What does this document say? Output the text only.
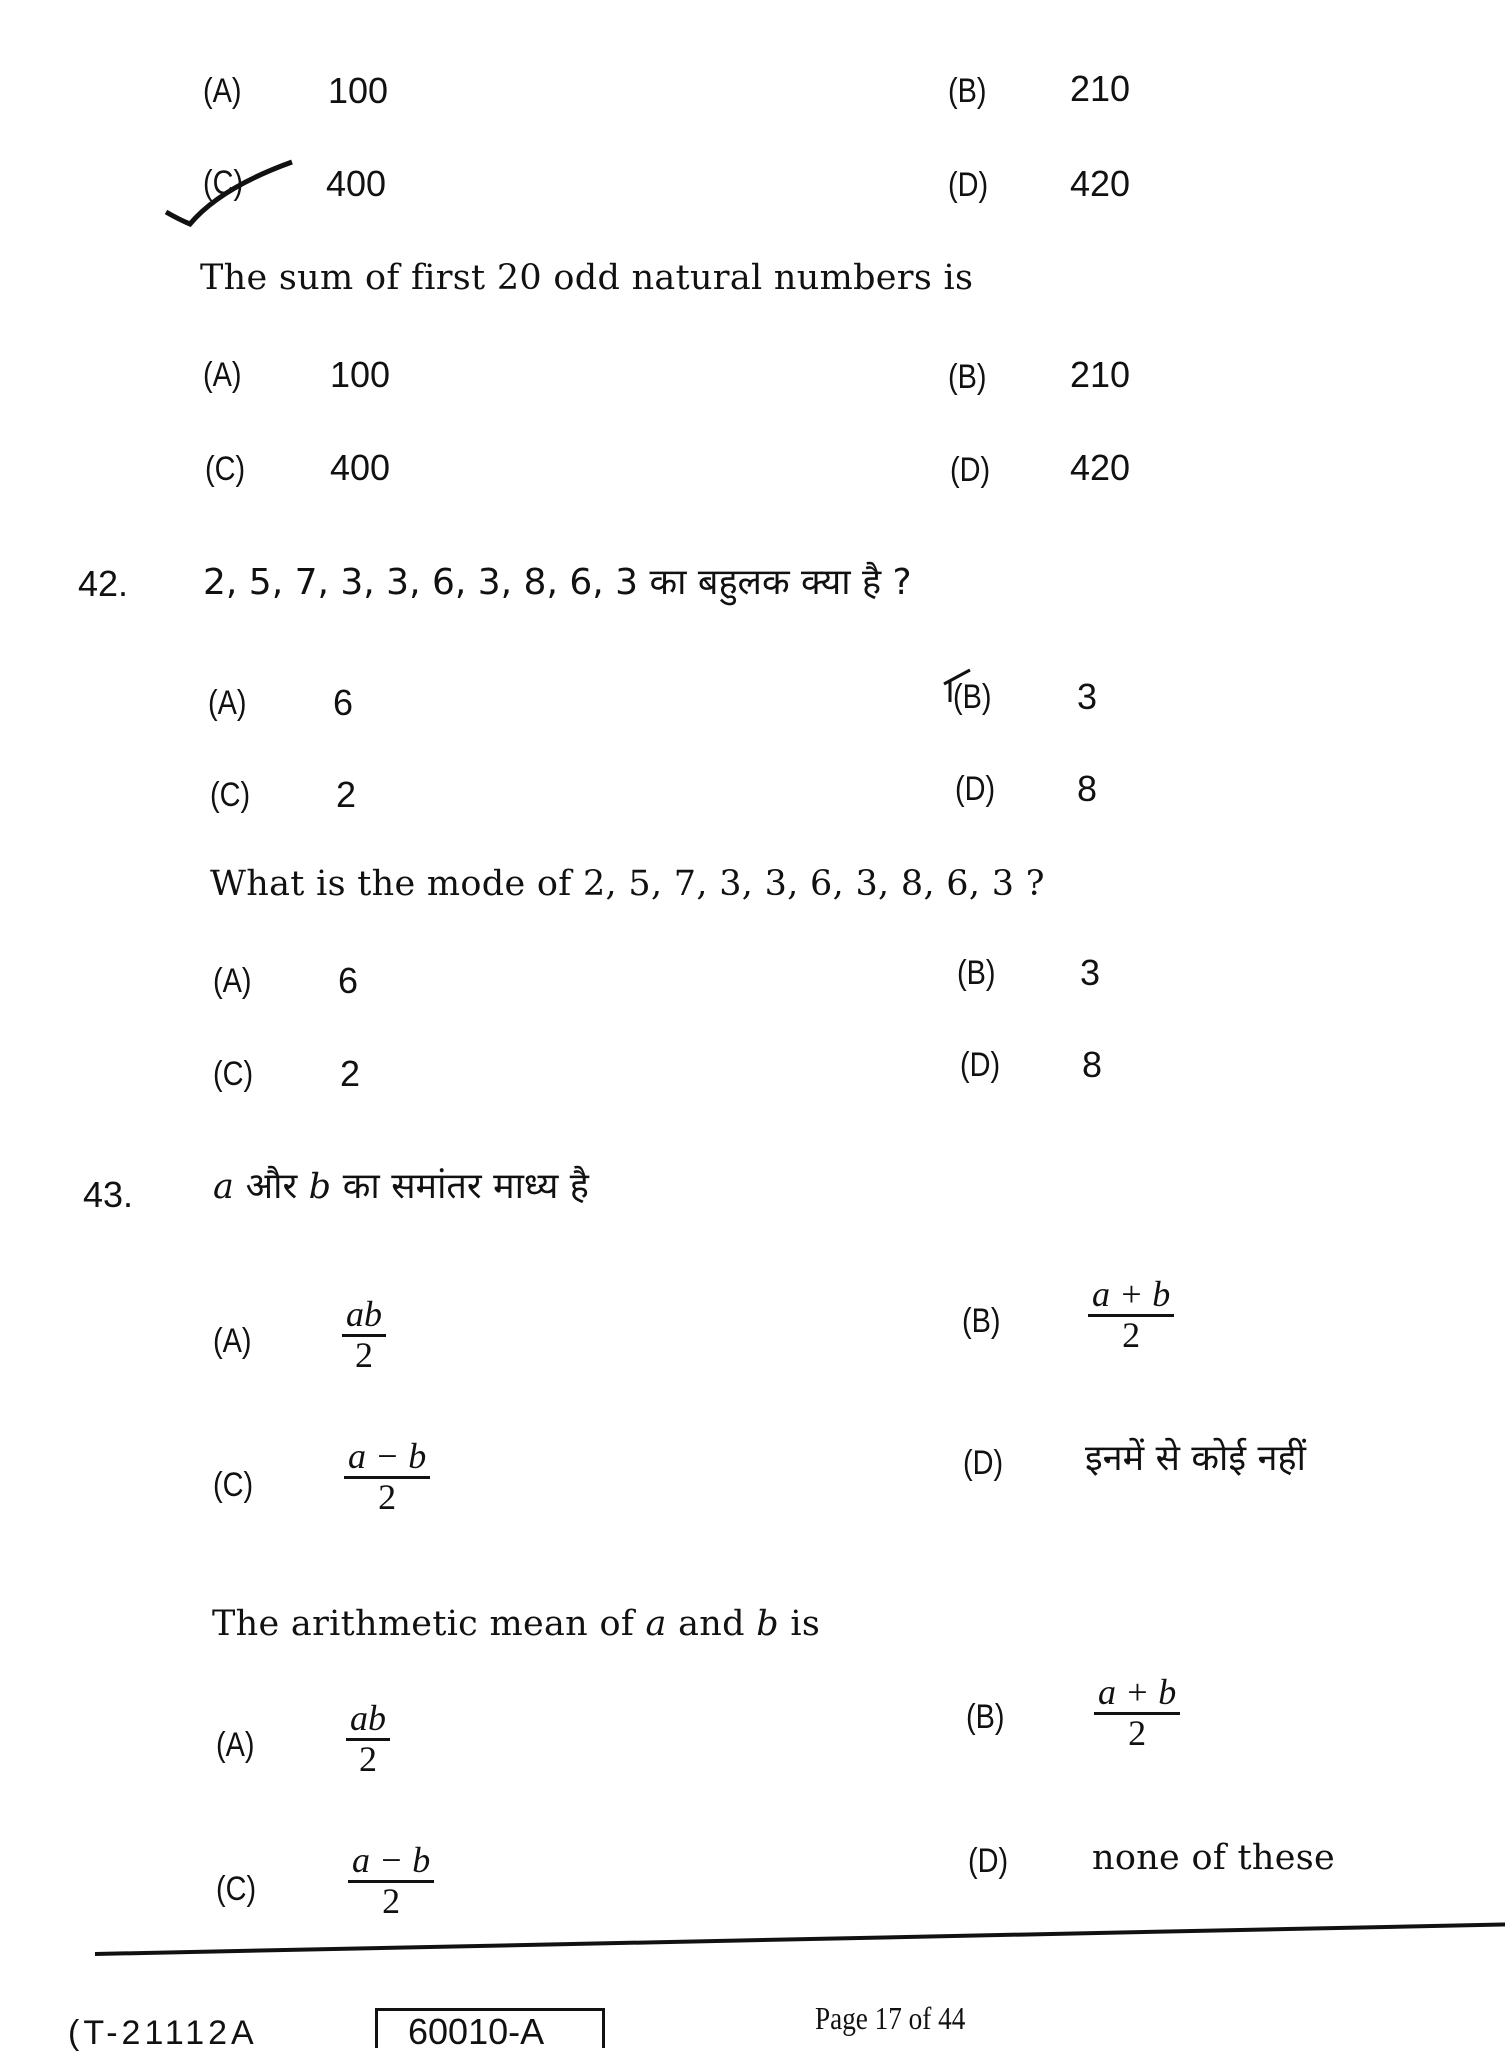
(A) 100	(B) 210
(C) 400	(D) 420
The sum of first 20 odd natural numbers is
(A) 100	(B) 210
(C) 400	(D) 420
42. 2, 5, 7, 3, 3, 6, 3, 8, 6, 3 का बहुलक क्या है ?
(A) 6	(B) 3
(C) 2	(D) 8
What is the mode of 2, 5, 7, 3, 3, 6, 3, 8, 6, 3 ?
(A) 6	(B) 3
(C) 2	(D) 8
43. a और b का समांतर माध्य है
(A)	$\frac{ab}{2}$	$(B) \frac{a + b}{2}$
(C)	$\frac{a - b}{2}$	(D) इनमें से कोई नहीं
The arithmetic mean of a and b is
(A)	$\frac{ab}{2}$	$(B) \frac{a + b}{2}$
(C)	$\frac{a - b}{2}$	(D) none of these
(T-21112A	60010-A	Page 17 of 44
